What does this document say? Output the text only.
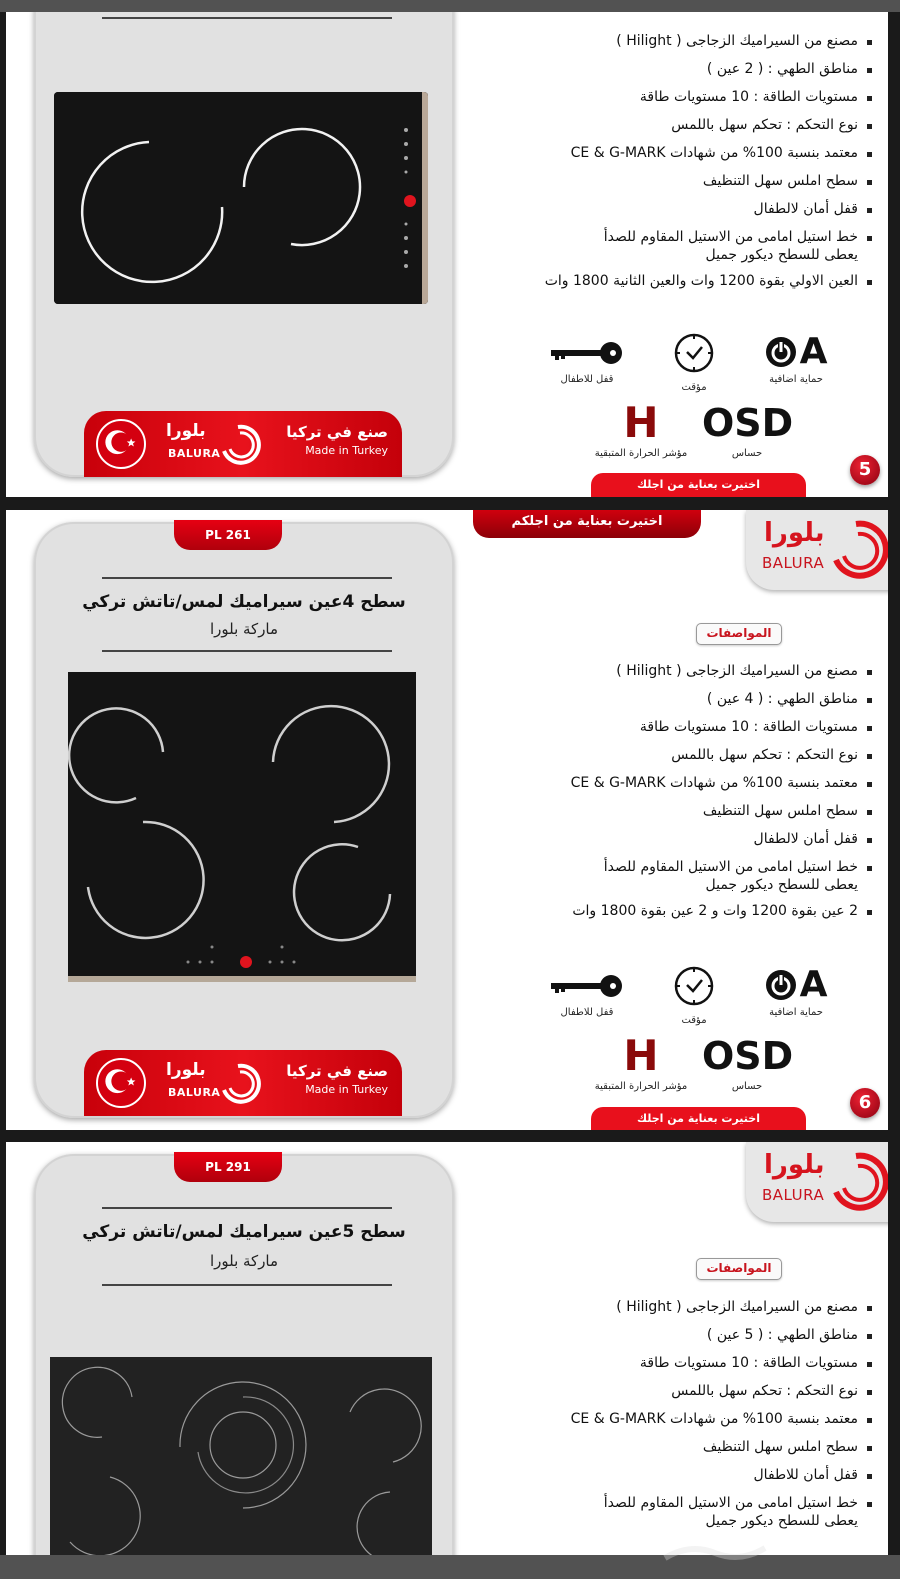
بلورا
BALURA
صنع في تركيا
Made in Turkey
مصنع من السيراميك الزجاجى ( Hilight )
مناطق الطهي : ( 2 عين )
مستويات الطاقة : 10 مستويات طاقة
نوع التحكم : تحكم سهل باللمس
معتمد بنسبة 100% من شهادات CE & G-MARK
سطح املس سهل التنظيف
قفل أمان لالطفال
خط استيل امامى من الاستيل المقاوم للصدأ
يعطى للسطح ديكور جميل
العين الاولي بقوة 1200 وات والعين الثانية 1800 وات
قفل للاطفال
مؤقت
A
حماية اضافية
H
مؤشر الحرارة المتبقية
OSD
حساس
اختيرت بعناية من اجلك
5
PL 261
سطح 4عين سيراميك لمس/تاتش تركي
ماركة بلورا
بلورا
BALURA
صنع في تركيا
Made in Turkey
اختيرت بعناية من اجلكم	بلورا
BALURA
المواصفات
مصنع من السيراميك الزجاجى ( Hilight )
مناطق الطهي : ( 4 عين )
مستويات الطاقة : 10 مستويات طاقة
نوع التحكم : تحكم سهل باللمس
معتمد بنسبة 100% من شهادات CE & G-MARK
سطح املس سهل التنظيف
قفل أمان لالطفال
خط استيل امامى من الاستيل المقاوم للصدأ
يعطى للسطح ديكور جميل
2 عين بقوة 1200 وات و 2 عين بقوة 1800 وات
قفل للاطفال
مؤقت
A
حماية اضافية
H
مؤشر الحرارة المتبقية
OSD
حساس
اختيرت بعناية من اجلك
6
PL 291
سطح 5عين سيراميك لمس/تاتش تركي
ماركة بلورا
بلورا
BALURA
المواصفات
مصنع من السيراميك الزجاجى ( Hilight )
مناطق الطهي : ( 5 عين )
مستويات الطاقة : 10 مستويات طاقة
نوع التحكم : تحكم سهل باللمس
معتمد بنسبة 100% من شهادات CE & G-MARK
سطح املس سهل التنظيف
قفل أمان للاطفال
خط استيل امامى من الاستيل المقاوم للصدأ
يعطى للسطح ديكور جميل
